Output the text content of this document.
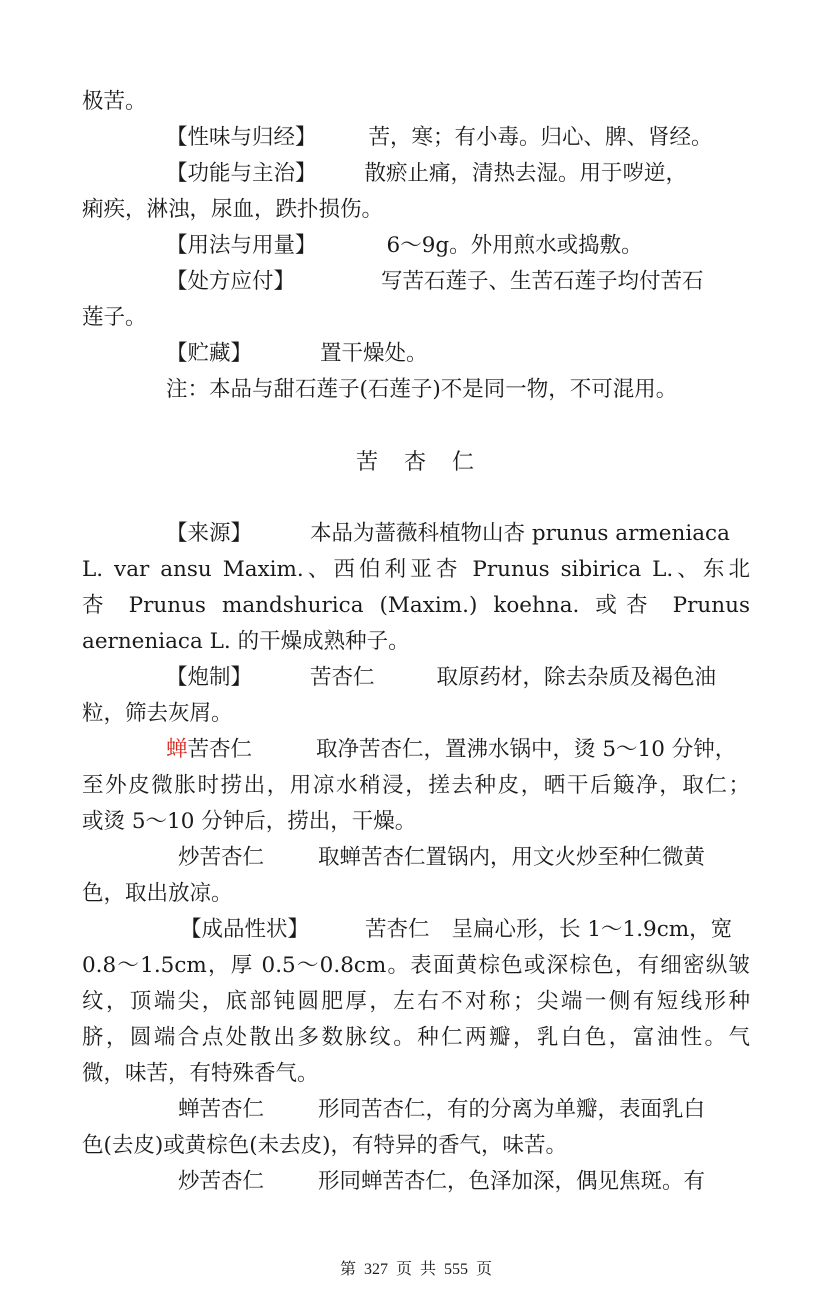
极苦。
【性味与归经】 苦，寒；有小毒。归心、脾、肾经。
【功能与主治】 散瘀止痛，清热去湿。用于哕逆，
痢疾，淋浊，尿血，跌扑损伤。
【用法与用量】	6～9g。外用煎水或捣敷。
【处方应付】	写苦石莲子、生苦石莲子均付苦石
莲子。
【贮藏】	置干燥处。
注：本品与甜石莲子(石莲子)不是同一物，不可混用。
苦 杏 仁
【来源】	本品为蔷薇科植物山杏 prunus armeniaca
L. var ansu Maxim.、西伯利亚杏 Prunus sibirica L.、东北
杏 Prunus mandshurica (Maxim.) koehna. 或杏 Prunus
aerneniaca L. 的干燥成熟种子。
【炮制】	苦杏仁	取原药材，除去杂质及褐色油
粒，筛去灰屑。
蝉苦杏仁	取净苦杏仁，置沸水锅中，烫 5～10 分钟，
至外皮微胀时捞出，用凉水稍浸，搓去种皮，晒干后簸净，取仁；
或烫 5～10 分钟后，捞出，干燥。
炒苦杏仁	取蝉苦杏仁置锅内，用文火炒至种仁微黄
色，取出放凉。
【成品性状】	苦杏仁 呈扁心形，长 1～1.9cm，宽
0.8～1.5cm，厚 0.5～0.8cm。表面黄棕色或深棕色，有细密纵皱
纹，顶端尖，底部钝圆肥厚，左右不对称；尖端一侧有短线形种
脐，圆端合点处散出多数脉纹。种仁两瓣，乳白色，富油性。气
微，味苦，有特殊香气。
蝉苦杏仁	形同苦杏仁，有的分离为单瓣，表面乳白
色(去皮)或黄棕色(未去皮)，有特异的香气，味苦。
炒苦杏仁	形同蝉苦杏仁，色泽加深，偶见焦斑。有
第 327 页 共 555 页
